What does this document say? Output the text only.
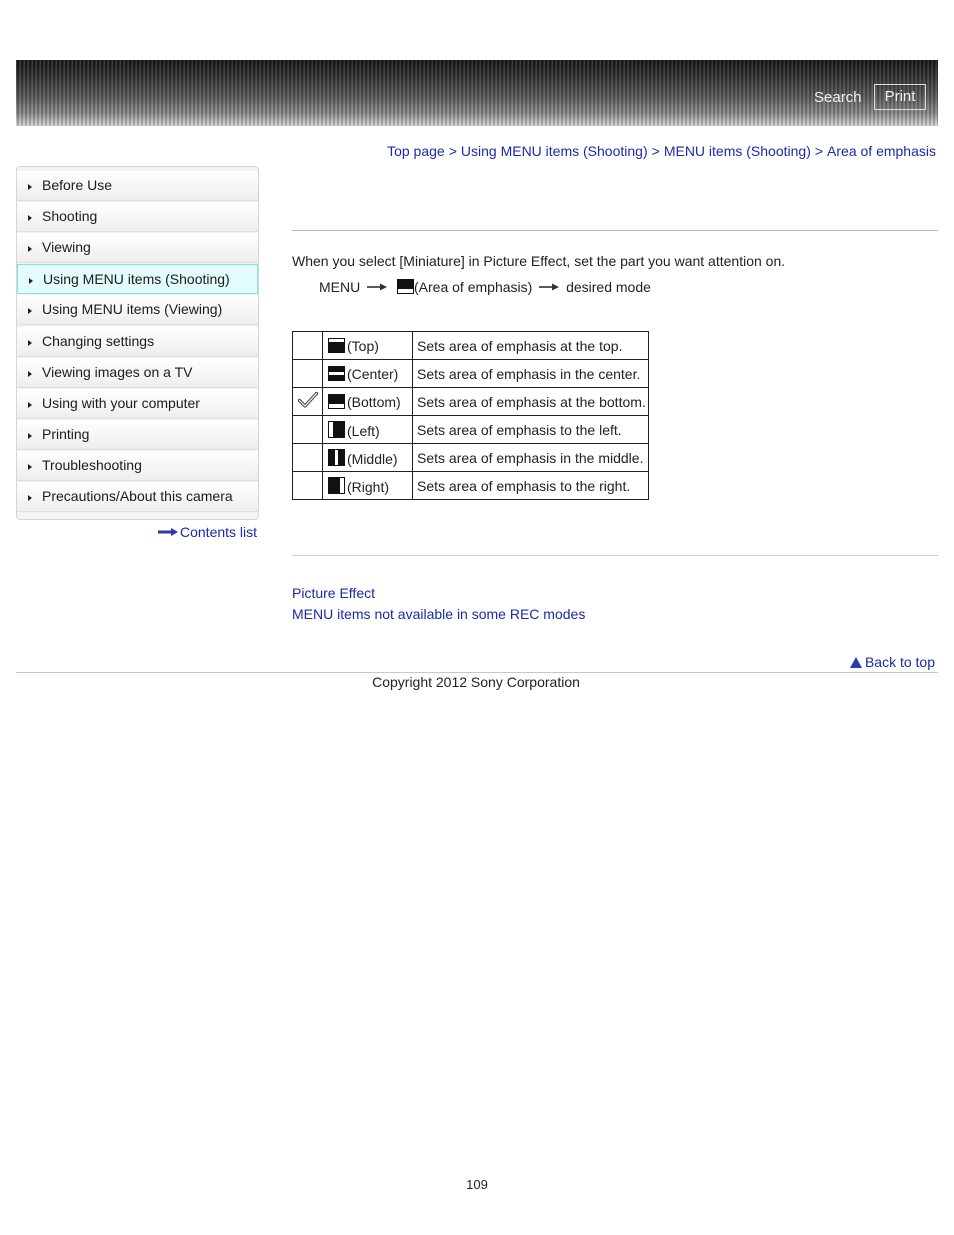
Search	Print
Top page > Using MENU items (Shooting) > MENU items (Shooting) > Area of emphasis
Before Use
Shooting
Viewing
Using MENU items (Shooting)
Using MENU items (Viewing)
Changing settings
Viewing images on a TV
Using with your computer
Printing
Troubleshooting
Precautions/About this camera
Contents list
When you select [Miniature] in Picture Effect, set the part you want attention on.
MENU	(Area of emphasis) desired mode
	(Top)	Sets area of emphasis at the top.
	(Center)	Sets area of emphasis in the center.
	(Bottom)	Sets area of emphasis at the bottom.
	(Left)	Sets area of emphasis to the left.
	(Middle)	Sets area of emphasis in the middle.
	(Right)	Sets area of emphasis to the right.
Picture Effect
MENU items not available in some REC modes
Back to top
Copyright 2012 Sony Corporation
109
